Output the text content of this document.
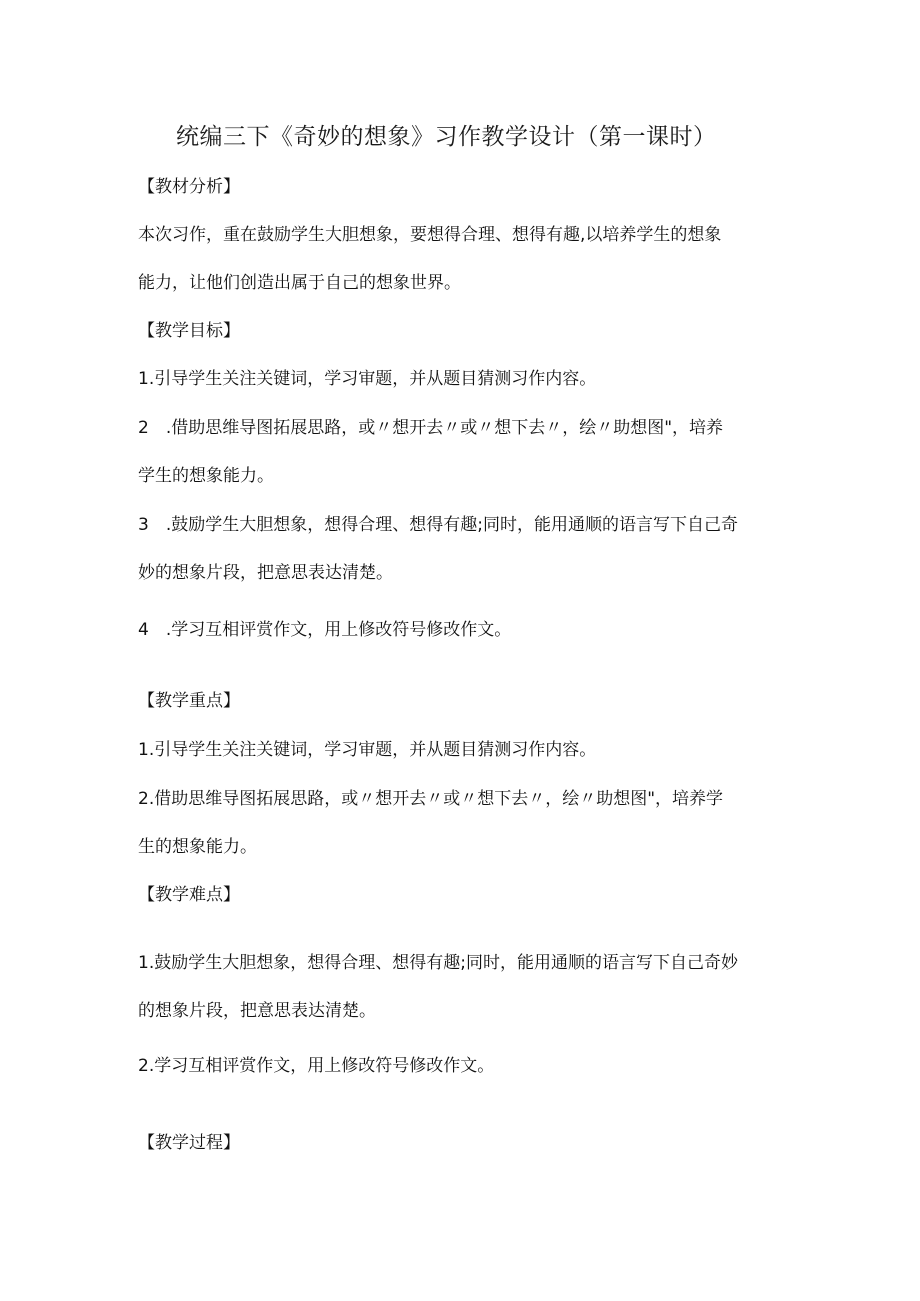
统编三下《奇妙的想象》习作教学设计（第一课时）
【教材分析】
本次习作，重在鼓励学生大胆想象，要想得合理、想得有趣,以培养学生的想象
能力，让他们创造出属于自己的想象世界。
【教学目标】
1.引导学生关注关键词，学习审题，并从题目猜测习作内容。
2　.借助思维导图拓展思路，或〃想开去〃或〃想下去〃，绘〃助想图"，培养
学生的想象能力。
3　.鼓励学生大胆想象，想得合理、想得有趣;同时，能用通顺的语言写下自己奇
妙的想象片段，把意思表达清楚。
4　.学习互相评赏作文，用上修改符号修改作文。
【教学重点】
1.引导学生关注关键词，学习审题，并从题目猜测习作内容。
2.借助思维导图拓展思路，或〃想开去〃或〃想下去〃，绘〃助想图"，培养学
生的想象能力。
【教学难点】
1.鼓励学生大胆想象，想得合理、想得有趣;同时，能用通顺的语言写下自己奇妙
的想象片段，把意思表达清楚。
2.学习互相评赏作文，用上修改符号修改作文。
【教学过程】
